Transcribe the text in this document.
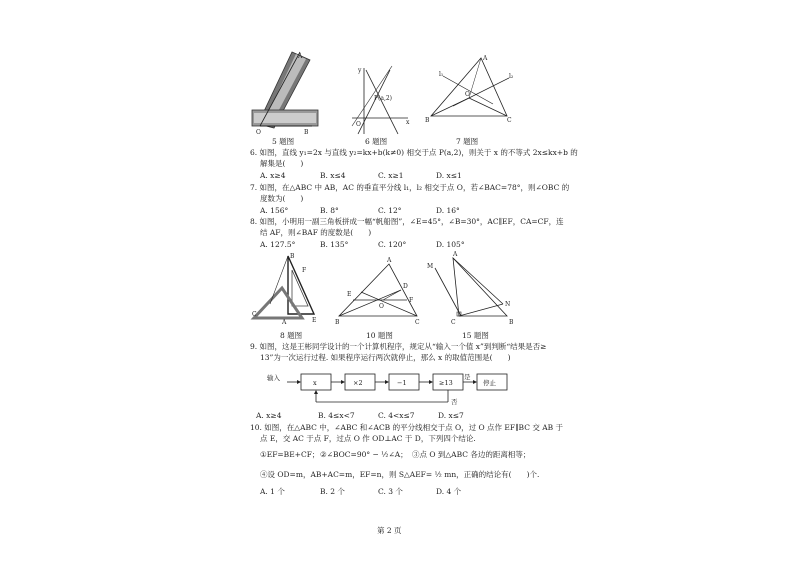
A
O	B
5 题图
y
x
O
P(a,2)
6 题图
A
B	C
O
l₁	l₂
7 题图
6. 如图，直线 y₁=2x 与直线 y₂=kx+b(k≠0) 相交于点 P(a,2)，则关于 x 的不等式 2x≤kx+b 的
解集是(　　)
A. x≥4	B. x≤4	C. x≥1	D. x≤1
7. 如图，在△ABC 中 AB，AC 的垂直平分线 l₁，l₂ 相交于点 O，若∠BAC=78°，则∠OBC 的
度数为(　　)
A. 156°	B. 8°	C. 12°	D. 16°
8. 如图，小明用一副三角板拼成一幅“帆船图”，∠E=45°，∠B=30°，AC∥EF，CA=CF，连
结 AF，则∠BAF 的度数是(　　)
A. 127.5°	B. 135°	C. 120°	D. 105°
B
F
C
A	E
8 题图
A
E
D
F
O
B	C
10 题图
M
A
N
C	B
15 题图
9. 如图，这是王彬同学设计的一个计算机程序，规定从“输入一个值 x”到判断“结果是否≥
13”为一次运行过程. 如果程序运行两次就停止，那么 x 的取值范围是(　　)
输入
x	×2	−1	≥13
是
停止
否
A. x≥4	B. 4≤x<7	C. 4<x≤7	D. x≤7
10. 如图，在△ABC 中，∠ABC 和∠ACB 的平分线相交于点 O，过 O 点作 EF∥BC 交 AB 于
点 E，交 AC 于点 F，过点 O 作 OD⊥AC 于 D，下列四个结论.
①EF=BE+CF； ②∠BOC=90° − ½∠A； ③点 O 到△ABC 各边的距离相等；
④设 OD=m，AB+AC=m，EF=n，则 S△AEF= ½ mn，正确的结论有(　　)个.
A. 1 个	B. 2 个	C. 3 个	D. 4 个
第 2 页
